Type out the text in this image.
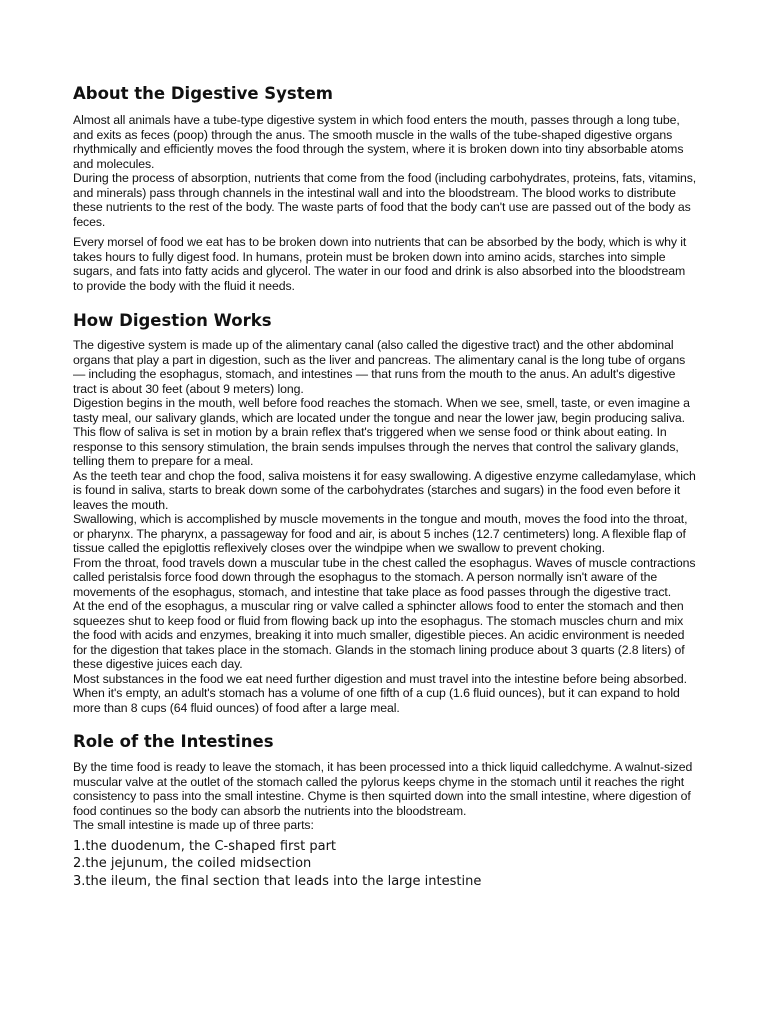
About the Digestive System

Almost all animals have a tube-type digestive system in which food enters the mouth, passes through a long tube, and exits as feces (poop) through the anus. The smooth muscle in the walls of the tube-shaped digestive organs rhythmically and efficiently moves the food through the system, where it is broken down into tiny absorbable atoms and molecules.

During the process of absorption, nutrients that come from the food (including carbohydrates, proteins, fats, vitamins, and minerals) pass through channels in the intestinal wall and into the bloodstream. The blood works to distribute these nutrients to the rest of the body. The waste parts of food that the body can't use are passed out of the body as feces.

Every morsel of food we eat has to be broken down into nutrients that can be absorbed by the body, which is why it takes hours to fully digest food. In humans, protein must be broken down into amino acids, starches into simple sugars, and fats into fatty acids and glycerol. The water in our food and drink is also absorbed into the bloodstream to provide the body with the fluid it needs.

How Digestion Works

The digestive system is made up of the alimentary canal (also called the digestive tract) and the other abdominal organs that play a part in digestion, such as the liver and pancreas. The alimentary canal is the long tube of organs — including the esophagus, stomach, and intestines — that runs from the mouth to the anus. An adult's digestive tract is about 30 feet (about 9 meters) long.

Digestion begins in the mouth, well before food reaches the stomach. When we see, smell, taste, or even imagine a tasty meal, our salivary glands, which are located under the tongue and near the lower jaw, begin producing saliva. This flow of saliva is set in motion by a brain reflex that's triggered when we sense food or think about eating. In response to this sensory stimulation, the brain sends impulses through the nerves that control the salivary glands, telling them to prepare for a meal.

As the teeth tear and chop the food, saliva moistens it for easy swallowing. A digestive enzyme calledamylase, which is found in saliva, starts to break down some of the carbohydrates (starches and sugars) in the food even before it leaves the mouth.

Swallowing, which is accomplished by muscle movements in the tongue and mouth, moves the food into the throat, or pharynx. The pharynx, a passageway for food and air, is about 5 inches (12.7 centimeters) long. A flexible flap of tissue called the epiglottis reflexively closes over the windpipe when we swallow to prevent choking.

From the throat, food travels down a muscular tube in the chest called the esophagus. Waves of muscle contractions called peristalsis force food down through the esophagus to the stomach. A person normally isn't aware of the movements of the esophagus, stomach, and intestine that take place as food passes through the digestive tract.

At the end of the esophagus, a muscular ring or valve called a sphincter allows food to enter the stomach and then squeezes shut to keep food or fluid from flowing back up into the esophagus. The stomach muscles churn and mix the food with acids and enzymes, breaking it into much smaller, digestible pieces. An acidic environment is needed for the digestion that takes place in the stomach. Glands in the stomach lining produce about 3 quarts (2.8 liters) of these digestive juices each day.

Most substances in the food we eat need further digestion and must travel into the intestine before being absorbed. When it's empty, an adult's stomach has a volume of one fifth of a cup (1.6 fluid ounces), but it can expand to hold more than 8 cups (64 fluid ounces) of food after a large meal.

Role of the Intestines

By the time food is ready to leave the stomach, it has been processed into a thick liquid calledchyme. A walnut-sized muscular valve at the outlet of the stomach called the pylorus keeps chyme in the stomach until it reaches the right consistency to pass into the small intestine. Chyme is then squirted down into the small intestine, where digestion of food continues so the body can absorb the nutrients into the bloodstream.

The small intestine is made up of three parts:

1.the duodenum, the C-shaped first part

2.the jejunum, the coiled midsection

3.the ileum, the final section that leads into the large intestine
